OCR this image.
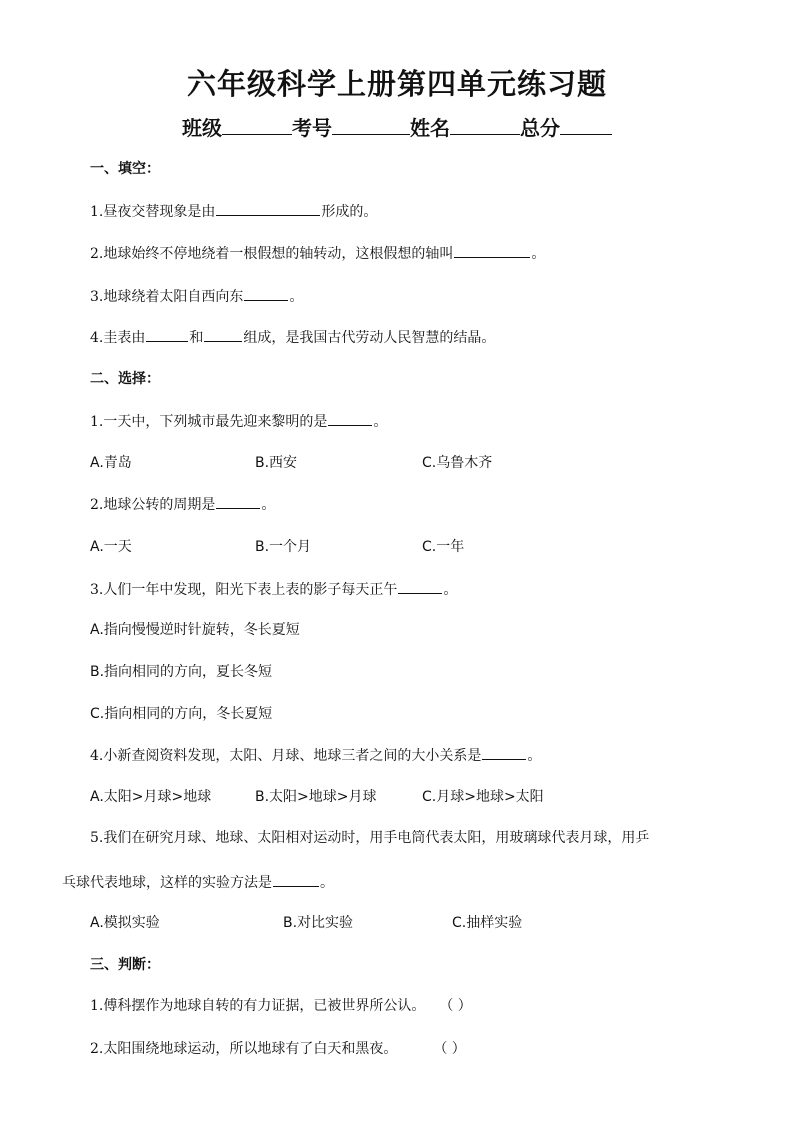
六年级科学上册第四单元练习题
班级	考号	姓名	总分
一、填空：
1.昼夜交替现象是由	形成的。
2.地球始终不停地绕着一根假想的轴转动，这根假想的轴叫	。
3.地球绕着太阳自西向东	。
4.圭表由	和	组成，是我国古代劳动人民智慧的结晶。
二、选择：
1.一天中，下列城市最先迎来黎明的是	。
A.青岛	B.西安	C.乌鲁木齐
2.地球公转的周期是	。
A.一天	B.一个月	C.一年
3.人们一年中发现，阳光下表上表的影子每天正午	。
A.指向慢慢逆时针旋转，冬长夏短
B.指向相同的方向，夏长冬短
C.指向相同的方向，冬长夏短
4.小新查阅资料发现，太阳、月球、地球三者之间的大小关系是	。
A.太阳>月球>地球	B.太阳>地球>月球	C.月球>地球>太阳
5.我们在研究月球、地球、太阳相对运动时，用手电筒代表太阳，用玻璃球代表月球，用乒
乓球代表地球，这样的实验方法是	。
A.模拟实验	B.对比实验	C.抽样实验
三、判断：
1.傅科摆作为地球自转的有力证据，已被世界所公认。 （ ）
2.太阳围绕地球运动，所以地球有了白天和黑夜。	（ ）
